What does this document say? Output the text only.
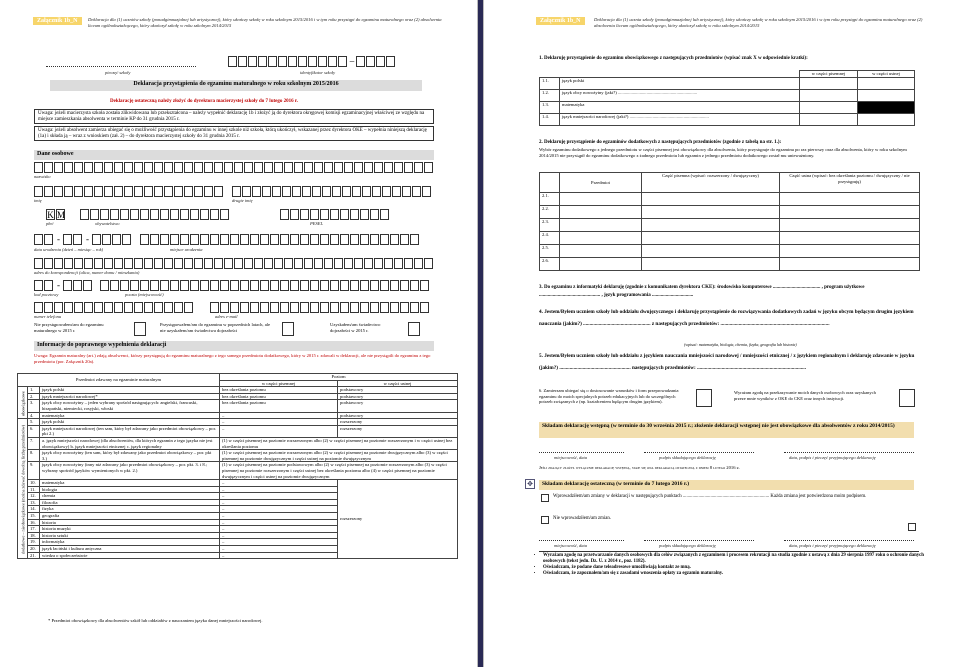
Załącznik 1b_N	Deklaracja dla (1) uczniów szkoły (ponadgimnazjalnej lub artystycznej), który ukończy szkołę w roku szkolnym 2015/2016 i w tym roku przystąpi do egzaminu maturalnego oraz (2) absolwenta liceum ogólnokształcącego, który ukończył szkołę w roku szkolnym 2014/2015
pieczęć szkoły
–
identyfikator szkoły
Deklaracja przystąpienia do egzaminu maturalnego w roku szkolnym 2015/2016
Deklarację ostateczną należy złożyć do dyrektora macierzystej szkoły do 7 lutego 2016 r.
Uwaga: jeżeli macierzysta szkoła została zlikwidowana lub przekształcona – należy wypełnić deklarację 1b i złożyć ją do dyrektora okręgowej komisji egzaminacyjnej właściwej ze względu na miejsce zamieszkania absolwenta w terminie KP do 31 grudnia 2015 r.
Uwaga: jeżeli absolwent zamierza ubiegać się o możliwość przystąpienia do egzaminu w innej szkole niż szkoła, którą ukończył, wskazanej przez dyrektora OKE – wypełnia niniejszą deklarację (1a) i składa ją – wraz z wnioskiem (zał. 2) – do dyrektora macierzystej szkoły do 31 grudnia 2015 r.
Dane osobowe
nazwisko
imię	drugie imię
K M
płeć	obywatelstwo	PESEL
-	-
data urodzenia (dzień – miesiąc – rok)	miejsce urodzenia
adres do korespondencji (ulica, numer domu / mieszkania)
-
kod pocztowy	poczta (miejscowość)
numer telefonu	adres e-mail
Nie przystępowałem/am do egzaminu maturalnego w 2015 r.
Przystępowałem/am do egzaminu w poprzednich latach, ale nie uzyskałem/am świadectwa dojrzałości
Uzyskałem/am świadectwo dojrzałości w 2015 r.
Informacje do poprawnego wypełnienia deklaracji
Uwaga: Egzamin maturalny (art.) zdają absolwenci, którzy przystępują do egzaminu maturalnego z tego samego przedmiotu dodatkowego, który w 2015 r. zdawali w deklaracji, ale nie przystąpili do egzaminu z tego przedmiotu (por. Załącznik 20a).
Przedmiot zdawany na egzaminie maturalnym			Poziom	
			w części pisemnej	w części ustnej
obowiązkowe	1.	język polski	bez określania poziomu	podstawowy
	2.	język mniejszości narodowej*	bez określania poziomu	podstawowy
	3.	język obcy nowożytny – jeden wybrany spośród następujących: angielski, francuski, hiszpański, niemiecki, rosyjski, włoski	bez określania poziomu	podstawowy
	4.	matematyka	–	podstawowy
dodatkowe – nieobowiązkowe (można zdawać dowolną liczbę przedmiotów)	5.	język polski	–	rozszerzony
	6.	język mniejszości narodowej (ten sam, który był zdawany jako przedmiot obowiązkowy – por. pkt 2.)	–	rozszerzony
	7.	a. język mniejszości narodowej (dla absolwentów, dla których egzamin z tego języka nie jest obowiązkowy) b. język mniejszości etnicznej c. język regionalny	(1) w części pisemnej na poziomie rozszerzonym albo (2) w części pisemnej na poziomie rozszerzonym i w części ustnej bez określania poziomu	
	8.	język obcy nowożytny (ten sam, który był zdawany jako przedmiot obowiązkowy – por. pkt 3.)	(1) w części pisemnej na poziomie rozszerzonym albo (2) w części pisemnej na poziomie dwujęzycznym albo (3) w części pisemnej na poziomie dwujęzycznym i części ustnej na poziomie dwujęzycznym	
	9.	język obcy nowożytny (inny niż zdawany jako przedmiot obowiązkowy – por. pkt. 3. i 8.; wybrany spośród języków wymienionych w pkt. 2.)	(1) w części pisemnej na poziomie podstawowym albo (2) w części pisemnej na poziomie rozszerzonym albo (3) w części pisemnej na poziomie rozszerzonym i części ustnej bez określania poziomu albo (4) w części pisemnej na poziomie dwujęzycznym i części ustnej na poziomie dwujęzycznym	
	10.	matematyka	–	rozszerzony
	11.	biologia	–	
	12.	chemia	–	
	13.	filozofia	–	
	14.	fizyka	–	
	15.	geografia	–	
	16.	historia	–	
	17.	historia muzyki	–	
	18.	historia sztuki	–	
	19.	informatyka	–	
	20.	język łaciński i kultura antyczna	–	
	21.	wiedza o społeczeństwie	–	
* Przedmiot obowiązkowy dla absolwentów szkół lub oddziałów z nauczaniem języka danej mniejszości narodowej.
Załącznik 1b_N	Deklaracja dla (1) ucznia szkoły (ponadgimnazjalnej lub artystycznej), który ukończy szkołę w roku szkolnym 2015/2016 i w tym roku przystąpi do egzaminu maturalnego oraz (2) absolwenta liceum ogólnokształcącego, który ukończył szkołę w roku szkolnym 2014/2015
1. Deklaruję przystąpienie do egzaminu obowiązkowego z następujących przedmiotów (wpisać znak X w odpowiednie kratki):
		w części pisemnej	w części ustnej
1.1.	język polski		
1.2.	język obcy nowożytny (jaki?) .....................................................................		
1.3.	matematyka		
1.4.	język mniejszości narodowej (jaki?) .....................................................................		
2. Deklaruję przystąpienie do egzaminów dodatkowych z następujących przedmiotów (zgodnie z tabelą na str. 1.):
Wybór egzaminu dodatkowego z jednego przedmiotu w części pisemnej jest obowiązkowy dla absolwenta, który przystępuje do egzaminu po raz pierwszy oraz dla absolwenta, który w roku szkolnym 2014/2015 nie przystąpił do egzaminu dodatkowego z żadnego przedmiotu lub egzamin z jednego przedmiotu dodatkowego został mu unieważniony.
	Przedmiot	Część pisemna (wpisać: rozszerzony / dwujęzyczny)	Część ustna (wpisać: bez określania poziomu / dwujęzyczny / nie przystępuję)
2.1.			
2.2.			
2.3.			
2.4.			
2.5.			
2.6.			
3. Do egzaminu z informatyki deklaruję (zgodnie z komunikatem dyrektora CKE): środowisko komputerowe ...................................... , program użytkowe ................................................. , język programowania .................................
4. Jestem/Byłem uczniem szkoły lub oddziału dwujęzycznego i deklaruję przystąpienie do rozwiązywania dodatkowych zadań w języku obcym będącym drugim językiem nauczania (jakim?) .................................................... z następujących przedmiotów: ....................................................................................
(wpisać: matematyka, biologia, chemia, fizyka, geografia lub historia)
5. Jestem/Byłem uczniem szkoły lub oddziału z językiem nauczania mniejszości narodowej / mniejszości etnicznej / z językiem regionalnym i deklaruję zdawanie w języku (jakim?) ....................................................... następujących przedmiotów: ....................................................................................
6. Zamierzam ubiegać się o dostosowanie warunków i form przeprowadzania egzaminu do moich specjalnych potrzeb edukacyjnych lub do szczególnych potrzeb związanych z (np. kształceniem będącym drugim językiem).
Wyrażam zgodę na przekazywanie moich danych osobowych oraz uzyskanych przeze mnie wyników z OKE do CKE oraz innych instytucji.
Składam deklarację wstępną (w terminie do 30 września 2015 r.; złożenie deklaracji wstępnej nie jest obowiązkowe dla absolwentów z roku 2014/2015)
miejscowość, data	podpis składającego deklarację	data, podpis i pieczęć przyjmującego deklarację
Jeśli zdający złożył wyłącznie deklarację wstępną, staje się ona deklaracją ostateczną z dniem 8 lutego 2016 r.
✥	Składam deklarację ostateczną (w terminie do 7 lutego 2016 r.)
Wprowadziłem/am zmiany w deklaracji w następujących punktach ........................................................................ Każda zmiana jest potwierdzona moim podpisem.
Nie wprowadziłem/am zmian.
miejscowość, data	podpis składającego deklarację	data, podpis i pieczęć przyjmującego deklarację
• Wyrażam zgodę na przetwarzanie danych osobowych dla celów związanych z egzaminem i procesem rekrutacji na studia zgodnie z ustawą z dnia 29 sierpnia 1997 roku o ochronie danych osobowych (tekst jedn. Dz. U. z 2014 r., poz. 1182).
• Oświadczam, że podane dane teleadresowe umożliwiają kontakt ze mną.
• Oświadczam, że zapoznałem/am się z zasadami wnoszenia opłaty za egzamin maturalny.
